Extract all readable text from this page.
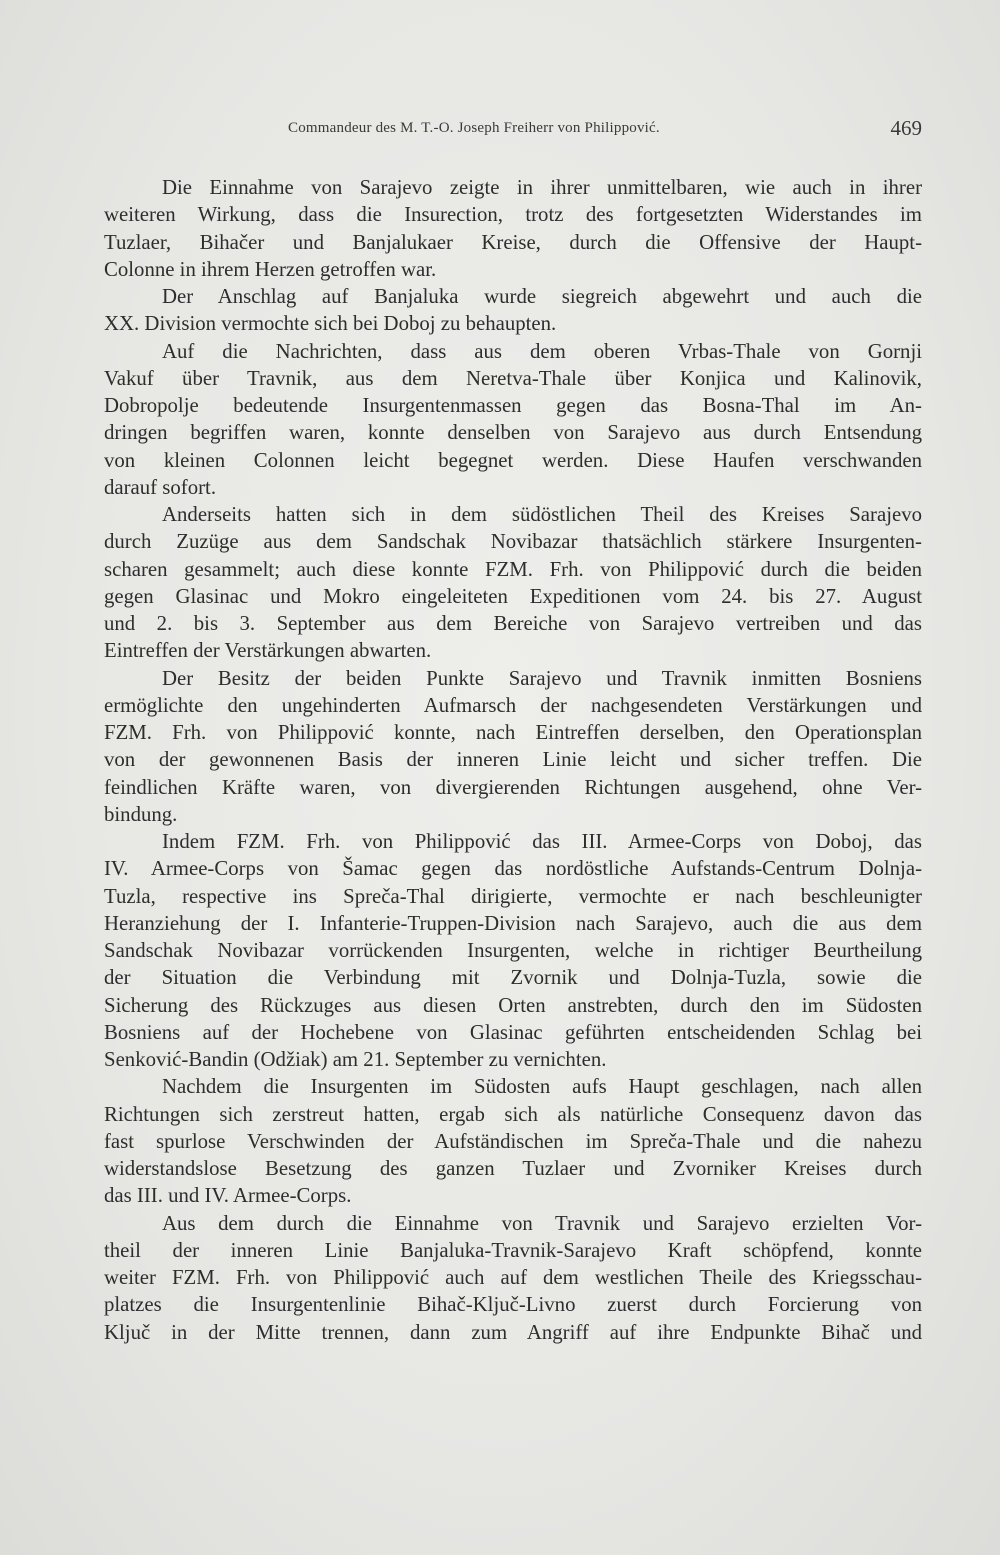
Commandeur des M. T.-O. Joseph Freiherr von Philippović.	469
Die Einnahme von Sarajevo zeigte in ihrer unmittelbaren, wie auch in ihrer
weiteren Wirkung, dass die Insurection, trotz des fortgesetzten Widerstandes im
Tuzlaer, Bihačer und Banjalukaer Kreise, durch die Offensive der Haupt-
Colonne in ihrem Herzen getroffen war.
Der Anschlag auf Banjaluka wurde siegreich abgewehrt und auch die
XX. Division vermochte sich bei Doboj zu behaupten.
Auf die Nachrichten, dass aus dem oberen Vrbas-Thale von Gornji
Vakuf über Travnik, aus dem Neretva-Thale über Konjica und Kalinovik,
Dobropolje bedeutende Insurgentenmassen gegen das Bosna-Thal im An-
dringen begriffen waren, konnte denselben von Sarajevo aus durch Entsendung
von kleinen Colonnen leicht begegnet werden. Diese Haufen verschwanden
darauf sofort.
Anderseits hatten sich in dem südöstlichen Theil des Kreises Sarajevo
durch Zuzüge aus dem Sandschak Novibazar thatsächlich stärkere Insurgenten-
scharen gesammelt; auch diese konnte FZM. Frh. von Philippović durch die beiden
gegen Glasinac und Mokro eingeleiteten Expeditionen vom 24. bis 27. August
und 2. bis 3. September aus dem Bereiche von Sarajevo vertreiben und das
Eintreffen der Verstärkungen abwarten.
Der Besitz der beiden Punkte Sarajevo und Travnik inmitten Bosniens
ermöglichte den ungehinderten Aufmarsch der nachgesendeten Verstärkungen und
FZM. Frh. von Philippović konnte, nach Eintreffen derselben, den Operationsplan
von der gewonnenen Basis der inneren Linie leicht und sicher treffen. Die
feindlichen Kräfte waren, von divergierenden Richtungen ausgehend, ohne Ver-
bindung.
Indem FZM. Frh. von Philippović das III. Armee-Corps von Doboj, das
IV. Armee-Corps von Šamac gegen das nordöstliche Aufstands-Centrum Dolnja-
Tuzla, respective ins Spreča-Thal dirigierte, vermochte er nach beschleunigter
Heranziehung der I. Infanterie-Truppen-Division nach Sarajevo, auch die aus dem
Sandschak Novibazar vorrückenden Insurgenten, welche in richtiger Beurtheilung
der Situation die Verbindung mit Zvornik und Dolnja-Tuzla, sowie die
Sicherung des Rückzuges aus diesen Orten anstrebten, durch den im Südosten
Bosniens auf der Hochebene von Glasinac geführten entscheidenden Schlag bei
Senković-Bandin (Odžiak) am 21. September zu vernichten.
Nachdem die Insurgenten im Südosten aufs Haupt geschlagen, nach allen
Richtungen sich zerstreut hatten, ergab sich als natürliche Consequenz davon das
fast spurlose Verschwinden der Aufständischen im Spreča-Thale und die nahezu
widerstandslose Besetzung des ganzen Tuzlaer und Zvorniker Kreises durch
das III. und IV. Armee-Corps.
Aus dem durch die Einnahme von Travnik und Sarajevo erzielten Vor-
theil der inneren Linie Banjaluka-Travnik-Sarajevo Kraft schöpfend, konnte
weiter FZM. Frh. von Philippović auch auf dem westlichen Theile des Kriegsschau-
platzes die Insurgentenlinie Bihač-Ključ-Livno zuerst durch Forcierung von
Ključ in der Mitte trennen, dann zum Angriff auf ihre Endpunkte Bihač und
